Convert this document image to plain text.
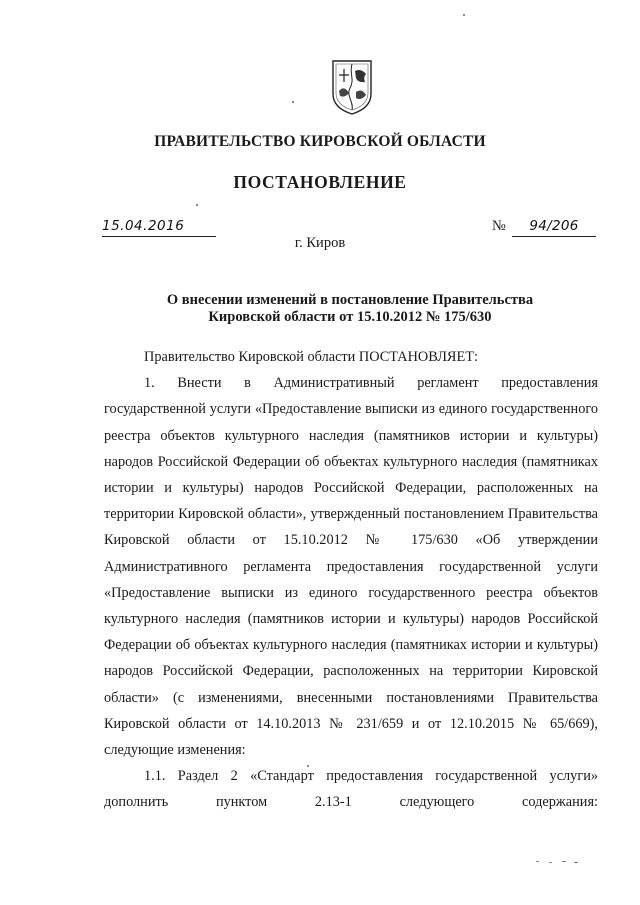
ПРАВИТЕЛЬСТВО КИРОВСКОЙ ОБЛАСТИ
ПОСТАНОВЛЕНИЕ
15.04.2016	№	94/206
г. Киров
О внесении изменений в постановление Правительства
Кировской области от 15.10.2012 № 175/630

Правительство Кировской области ПОСТАНОВЛЯЕТ:

1. Внести в Административный регламент предоставления государственной услуги «Предоставление выписки из единого государственного реестра объектов культурного наследия (памятников истории и культуры) народов Российской Федерации об объектах культурного наследия (памятниках истории и культуры) народов Российской Федерации, расположенных на территории Кировской области», утвержденный постановлением Правительства Кировской области от 15.10.2012 № 175/630 «Об утверждении Административного регламента предоставления государственной услуги «Предоставление выписки из единого государственного реестра объектов культурного наследия (памятников истории и культуры) народов Российской Федерации об объектах культурного наследия (памятниках истории и культуры) народов Российской Федерации, расположенных на территории Кировской области» (с изменениями, внесенными постановлениями Правительства Кировской области от 14.10.2013 № 231/659 и от 12.10.2015 № 65/669), следующие изменения:

1.1. Раздел 2 «Стандарт предоставления государственной услуги» дополнить пунктом 2.13-1 следующего содержания:
